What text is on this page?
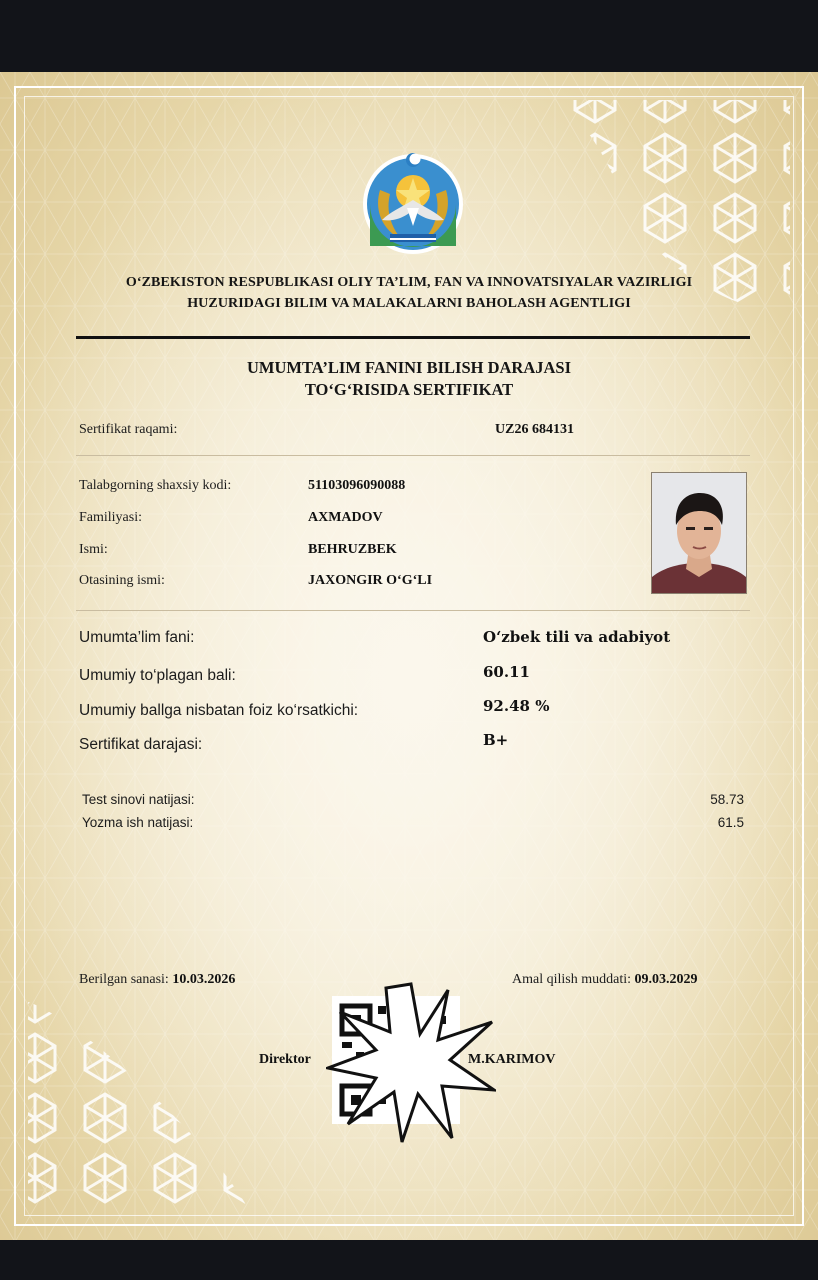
O‘ZBEKISTON RESPUBLIKASI OLIY TA’LIM, FAN VA INNOVATSIYALAR VAZIRLIGI
HUZURIDAGI BILIM VA MALAKALARNI BAHOLASH AGENTLIGI
UMUMTA’LIM FANINI BILISH DARAJASI
TO‘G‘RISIDA SERTIFIKAT
Sertifikat raqami:	UZ26 684131
Talabgorning shaxsiy kodi:	51103096090088
Familiyasi:	AXMADOV
Ismi:	BEHRUZBEK
Otasining ismi:	JAXONGIR O‘G‘LI
Umumta’lim fani:	O‘zbek tili va adabiyot
Umumiy to‘plagan bali:	60.11
Umumiy ballga nisbatan foiz ko‘rsatkichi:	92.48 %
Sertifikat darajasi:	B+
Test sinovi natijasi:	58.73
Yozma ish natijasi:	61.5
Berilgan sanasi: 10.03.2026	Amal qilish muddati: 09.03.2029
Direktor	M.KARIMOV
